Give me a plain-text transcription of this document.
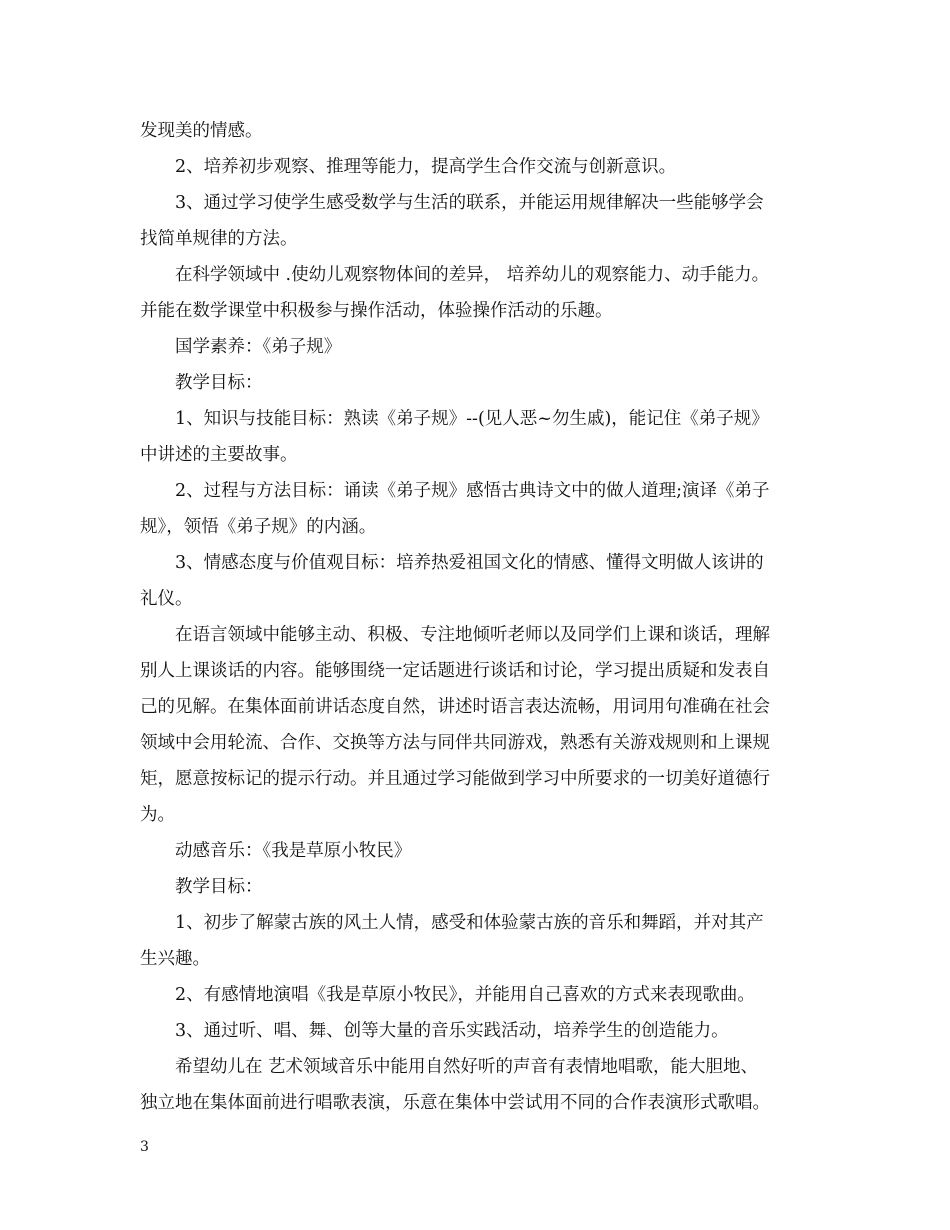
发现美的情感。
2、培养初步观察、推理等能力，提高学生合作交流与创新意识。
3、通过学习使学生感受数学与生活的联系，并能运用规律解决一些能够学会
找简单规律的方法。
在科学领域中 .使幼儿观察物体间的差异， 培养幼儿的观察能力、动手能力。
并能在数学课堂中积极参与操作活动，体验操作活动的乐趣。
国学素养：《弟子规》
教学目标：
1、知识与技能目标：熟读《弟子规》--(见人恶~勿生戚)，能记住《弟子规》
中讲述的主要故事。
2、过程与方法目标：诵读《弟子规》感悟古典诗文中的做人道理;演译《弟子
规》，领悟《弟子规》的内涵。
3、情感态度与价值观目标：培养热爱祖国文化的情感、懂得文明做人该讲的
礼仪。
在语言领域中能够主动、积极、专注地倾听老师以及同学们上课和谈话，理解
别人上课谈话的内容。能够围绕一定话题进行谈话和讨论，学习提出质疑和发表自
己的见解。在集体面前讲话态度自然，讲述时语言表达流畅，用词用句准确在社会
领域中会用轮流、合作、交换等方法与同伴共同游戏，熟悉有关游戏规则和上课规
矩，愿意按标记的提示行动。并且通过学习能做到学习中所要求的一切美好道德行
为。
动感音乐：《我是草原小牧民》
教学目标：
1、初步了解蒙古族的风土人情，感受和体验蒙古族的音乐和舞蹈，并对其产
生兴趣。
2、有感情地演唱《我是草原小牧民》，并能用自己喜欢的方式来表现歌曲。
3、通过听、唱、舞、创等大量的音乐实践活动，培养学生的创造能力。
希望幼儿在 艺术领域音乐中能用自然好听的声音有表情地唱歌，能大胆地、
独立地在集体面前进行唱歌表演，乐意在集体中尝试用不同的合作表演形式歌唱。
3
